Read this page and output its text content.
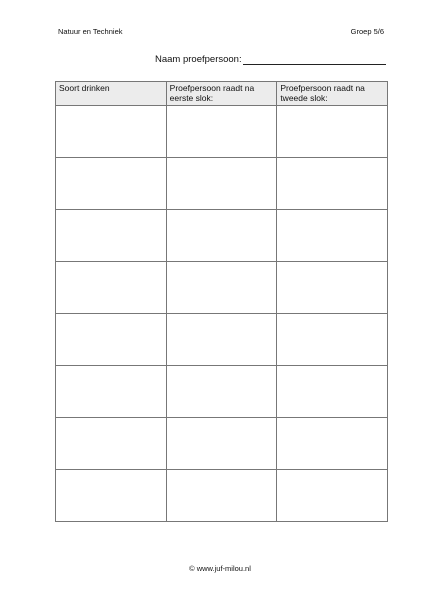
Natuur en Techniek	Groep 5/6
Naam proefpersoon:
Soort drinken	Proefpersoon raadt na eerste slok:	Proefpersoon raadt na tweede slok:

© www.juf-milou.nl
